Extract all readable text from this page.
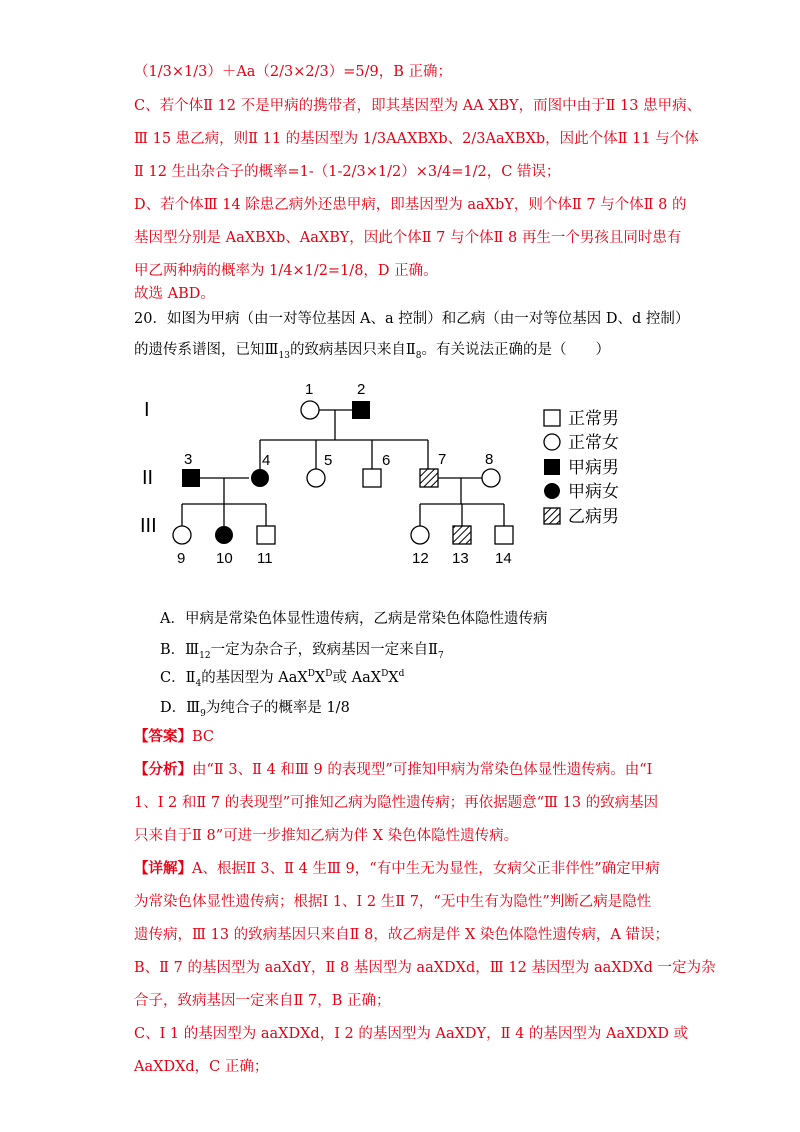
（1/3×1/3）＋Aa（2/3×2/3）=5/9，B 正确；
C、若个体Ⅱ 12 不是甲病的携带者，即其基因型为 AA XBY，而图中由于Ⅱ 13 患甲病、
Ⅲ 15 患乙病，则Ⅱ 11 的基因型为 1/3AAXBXb、2/3AaXBXb，因此个体Ⅱ 11 与个体
Ⅱ 12 生出杂合子的概率=1-（1-2/3×1/2）×3/4=1/2，C 错误；
D、若个体Ⅲ 14 除患乙病外还患甲病，即基因型为 aaXbY，则个体Ⅱ 7 与个体Ⅱ 8 的
基因型分别是 AaXBXb、AaXBY，因此个体Ⅱ 7 与个体Ⅱ 8 再生一个男孩且同时患有
甲乙两种病的概率为 1/4×1/2=1/8，D 正确。
故选 ABD。
20．如图为甲病（由一对等位基因 A、a 控制）和乙病（由一对等位基因 D、d 控制）
的遗传系谱图，已知$Ⅲ_{13}$的致病基因只来自$Ⅱ_8$。有关说法正确的是（　　）
I
II
III
1	2
3	4	5	6	7	8
9 10 11	12 13 14
正常男
正常女
甲病男
甲病女
乙病男
A．甲病是常染色体显性遗传病，乙病是常染色体隐性遗传病
B．$Ⅲ_{12}$一定为杂合子，致病基因一定来自$Ⅱ_7$
C．$Ⅱ_4$的基因型为 $AaX^DX^D$或 $AaX^DX^d$
D．$Ⅲ_9$为纯合子的概率是 1/8
【答案】BC
【分析】由“Ⅱ 3、Ⅱ 4 和Ⅲ 9 的表现型”可推知甲病为常染色体显性遗传病。由“Ⅰ
1、Ⅰ 2 和Ⅱ 7 的表现型”可推知乙病为隐性遗传病；再依据题意“Ⅲ 13 的致病基因
只来自于Ⅱ 8”可进一步推知乙病为伴 X 染色体隐性遗传病。
【详解】A、根据Ⅱ 3、Ⅱ 4 生Ⅲ 9，“有中生无为显性，女病父正非伴性”确定甲病
为常染色体显性遗传病；根据Ⅰ 1、Ⅰ 2 生Ⅱ 7，“无中生有为隐性”判断乙病是隐性
遗传病，Ⅲ 13 的致病基因只来自Ⅱ 8，故乙病是伴 X 染色体隐性遗传病，A 错误；
B、Ⅱ 7 的基因型为 aaXdY，Ⅱ 8 基因型为 aaXDXd，Ⅲ 12 基因型为 aaXDXd 一定为杂
合子，致病基因一定来自Ⅱ 7，B 正确；
C、Ⅰ 1 的基因型为 aaXDXd，Ⅰ 2 的基因型为 AaXDY，Ⅱ 4 的基因型为 AaXDXD 或
AaXDXd，C 正确；
